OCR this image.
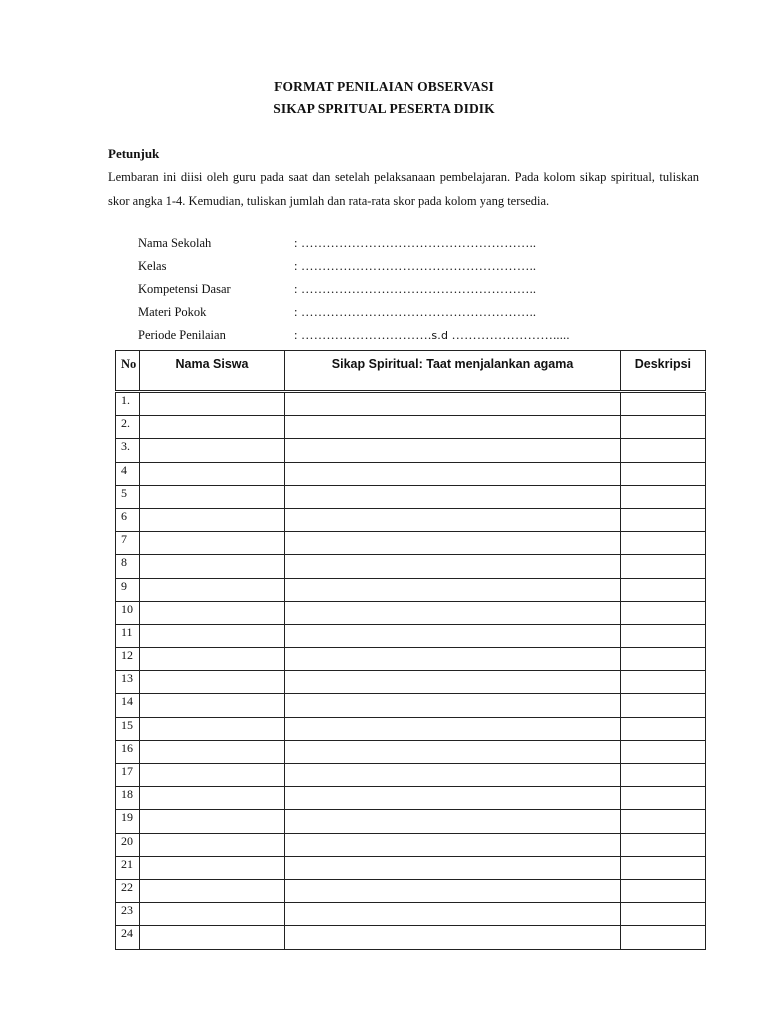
FORMAT PENILAIAN OBSERVASI
SIKAP SPRITUAL PESERTA DIDIK
Petunjuk
Lembaran ini diisi oleh guru pada saat dan setelah pelaksanaan pembelajaran. Pada kolom sikap spiritual, tuliskan skor angka 1-4. Kemudian, tuliskan jumlah dan rata-rata skor pada kolom yang tersedia.
Nama Sekolah	: ………………………………………………..
Kelas	: ………………………………………………..
Kompetensi Dasar	: ………………………………………………..
Materi Pokok	: ………………………………………………..
Periode Penilaian	: ………………………….s.d …………………….....
No	Nama Siswa	Sikap Spiritual: Taat menjalankan agama	Deskripsi
1.			
2.			
3.			
4			
5			
6			
7			
8			
9			
10			
11			
12			
13			
14			
15			
16			
17			
18			
19			
20			
21			
22			
23			
24			
